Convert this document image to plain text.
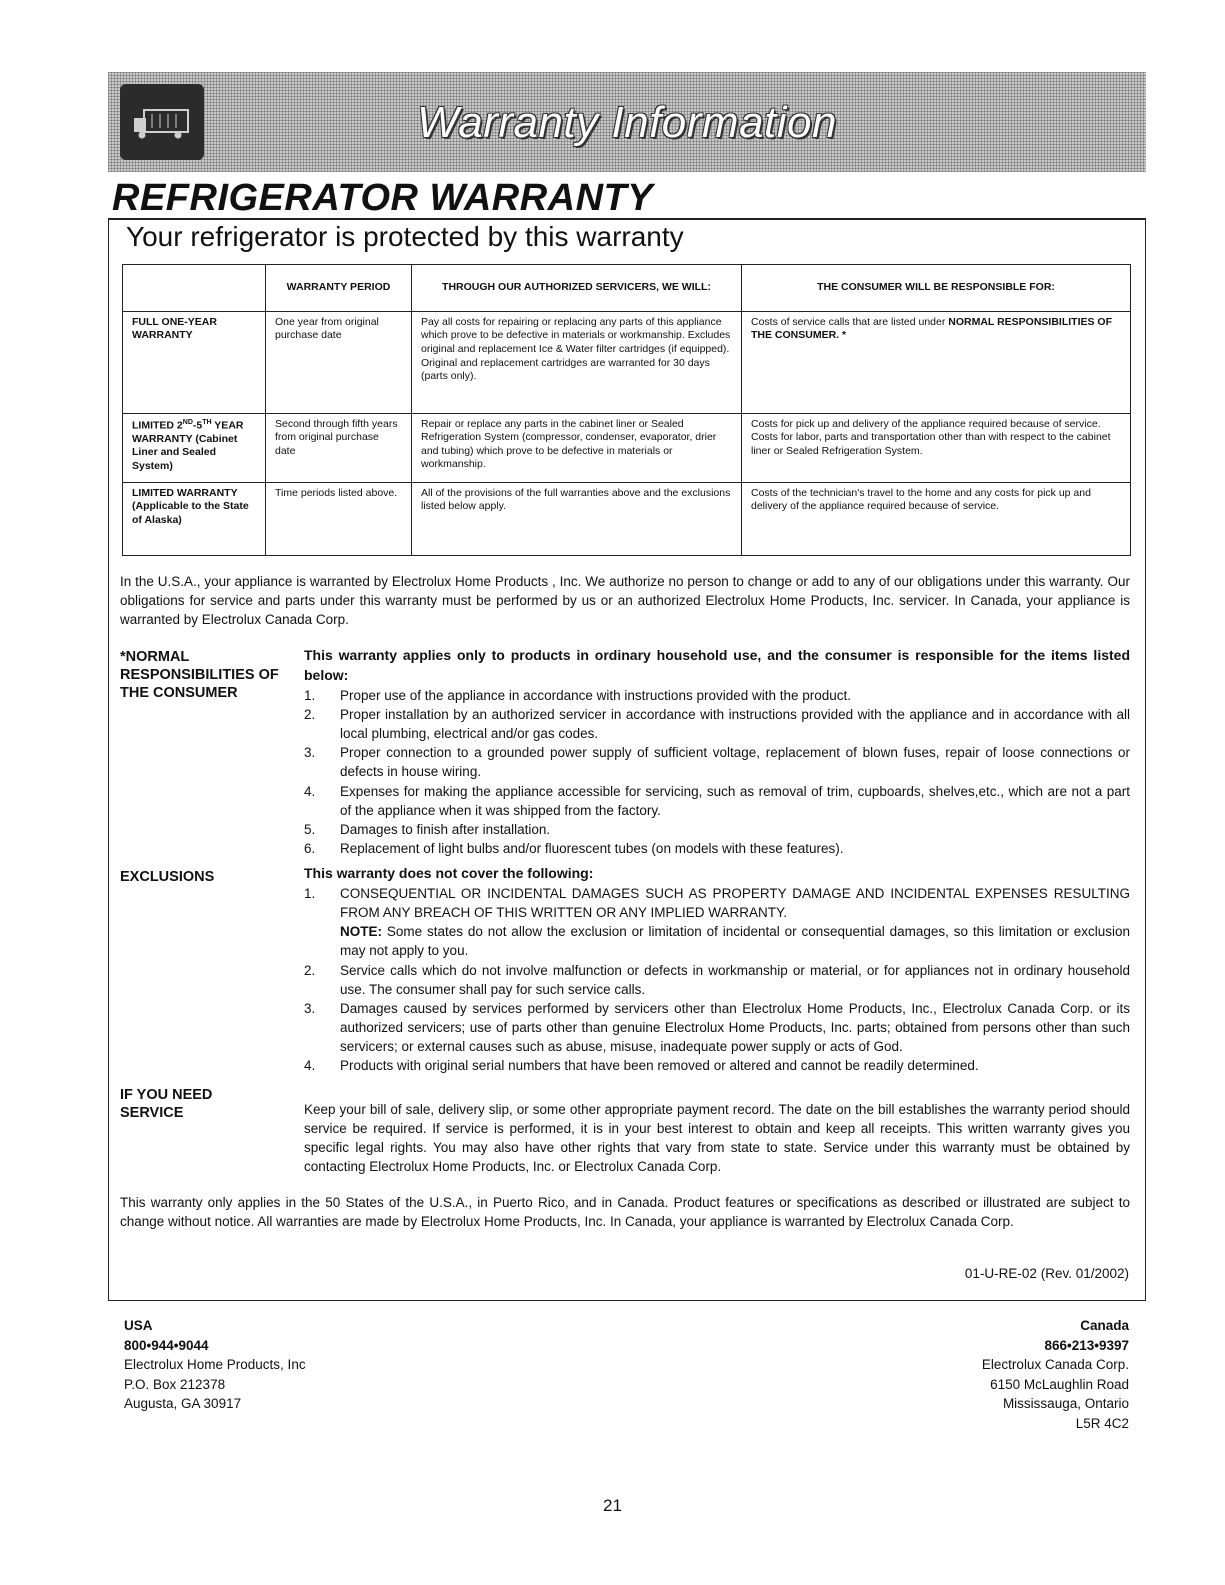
Warranty Information
REFRIGERATOR WARRANTY
Your refrigerator is protected by this warranty
	WARRANTY PERIOD	THROUGH OUR AUTHORIZED SERVICERS, WE WILL:	THE CONSUMER WILL BE RESPONSIBLE FOR:
FULL ONE-YEAR WARRANTY	One year from original purchase date	Pay all costs for repairing or replacing any parts of this appliance which prove to be defective in materials or workmanship. Excludes original and replacement Ice & Water filter cartridges (if equipped). Original and replacement cartridges are warranted for 30 days (parts only).	Costs of service calls that are listed under NORMAL RESPONSIBILITIES OF THE CONSUMER. *
LIMITED 2ND-5TH YEAR WARRANTY (Cabinet Liner and Sealed System)	Second through fifth years from original purchase date	Repair or replace any parts in the cabinet liner or Sealed Refrigeration System (compressor, condenser, evaporator, drier and tubing) which prove to be defective in materials or workmanship.	Costs for pick up and delivery of the appliance required because of service. Costs for labor, parts and transportation other than with respect to the cabinet liner or Sealed Refrigeration System.
LIMITED WARRANTY (Applicable to the State of Alaska)	Time periods listed above.	All of the provisions of the full warranties above and the exclusions listed below apply.	Costs of the technician's travel to the home and any costs for pick up and delivery of the appliance required because of service.
In the U.S.A., your appliance is warranted by Electrolux Home Products , Inc. We authorize no person to change or add to any of our obligations under this warranty. Our obligations for service and parts under this warranty must be performed by us or an authorized Electrolux Home Products, Inc. servicer. In Canada, your appliance is warranted by Electrolux Canada Corp.
*NORMAL RESPONSIBILITIES OF THE CONSUMER
This warranty applies only to products in ordinary household use, and the consumer is responsible for the items listed below:
1. Proper use of the appliance in accordance with instructions provided with the product.
2. Proper installation by an authorized servicer in accordance with instructions provided with the appliance and in accordance with all local plumbing, electrical and/or gas codes.
3. Proper connection to a grounded power supply of sufficient voltage, replacement of blown fuses, repair of loose connections or defects in house wiring.
4. Expenses for making the appliance accessible for servicing, such as removal of trim, cupboards, shelves,etc., which are not a part of the appliance when it was shipped from the factory.
5. Damages to finish after installation.
6. Replacement of light bulbs and/or fluorescent tubes (on models with these features).
EXCLUSIONS	This warranty does not cover the following:
1. CONSEQUENTIAL OR INCIDENTAL DAMAGES SUCH AS PROPERTY DAMAGE AND INCIDENTAL EXPENSES RESULTING FROM ANY BREACH OF THIS WRITTEN OR ANY IMPLIED WARRANTY.
NOTE: Some states do not allow the exclusion or limitation of incidental or consequential damages, so this limitation or exclusion may not apply to you.
2. Service calls which do not involve malfunction or defects in workmanship or material, or for appliances not in ordinary household use. The consumer shall pay for such service calls.
3. Damages caused by services performed by servicers other than Electrolux Home Products, Inc., Electrolux Canada Corp. or its authorized servicers; use of parts other than genuine Electrolux Home Products, Inc. parts; obtained from persons other than such servicers; or external causes such as abuse, misuse, inadequate power supply or acts of God.
4. Products with original serial numbers that have been removed or altered and cannot be readily determined.
IF YOU NEED SERVICE	Keep your bill of sale, delivery slip, or some other appropriate payment record. The date on the bill establishes the warranty period should service be required. If service is performed, it is in your best interest to obtain and keep all receipts. This written warranty gives you specific legal rights. You may also have other rights that vary from state to state. Service under this warranty must be obtained by contacting Electrolux Home Products, Inc. or Electrolux Canada Corp.
This warranty only applies in the 50 States of the U.S.A., in Puerto Rico, and in Canada. Product features or specifications as described or illustrated are subject to change without notice. All warranties are made by Electrolux Home Products, Inc. In Canada, your appliance is warranted by Electrolux Canada Corp.
01-U-RE-02 (Rev. 01/2002)
USA
800•944•9044
Electrolux Home Products, Inc
P.O. Box 212378
Augusta, GA 30917
Canada
866•213•9397
Electrolux Canada Corp.
6150 McLaughlin Road
Mississauga, Ontario
L5R 4C2
21
